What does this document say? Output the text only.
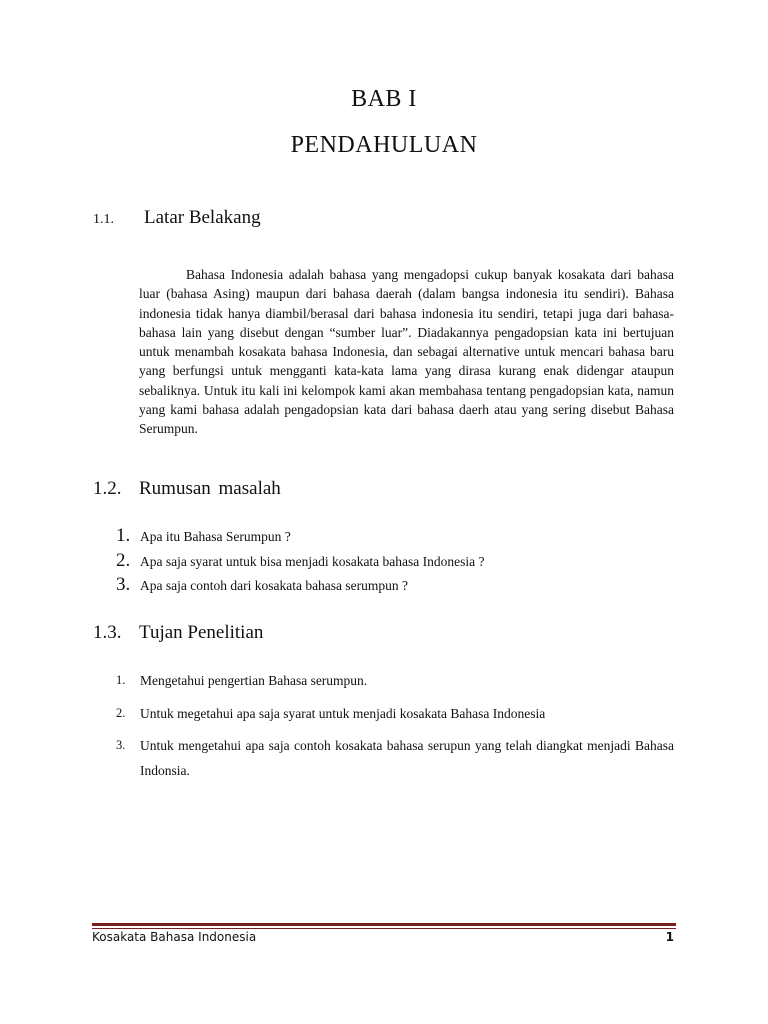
BAB I
PENDAHULUAN
1.1. Latar Belakang

Bahasa Indonesia adalah bahasa yang mengadopsi cukup banyak kosakata dari bahasa luar (bahasa Asing) maupun dari bahasa daerah (dalam bangsa indonesia itu sendiri). Bahasa indonesia tidak hanya diambil/berasal dari bahasa indonesia itu sendiri, tetapi juga dari bahasa-bahasa lain yang disebut dengan “sumber luar”. Diadakannya pengadopsian kata ini bertujuan untuk menambah kosakata bahasa Indonesia, dan sebagai alternative untuk mencari bahasa baru yang berfungsi untuk mengganti kata-kata lama yang dirasa kurang enak didengar ataupun sebaliknya. Untuk itu kali ini kelompok kami akan membahasa tentang pengadopsian kata, namun yang kami bahasa adalah pengadopsian kata dari bahasa daerh atau yang sering disebut Bahasa Serumpun.

1.2. Rumusan masalah
1. Apa itu Bahasa Serumpun ?
2. Apa saja syarat untuk bisa menjadi kosakata bahasa Indonesia ?
3. Apa saja contoh dari kosakata bahasa serumpun ?
1.3. Tujan Penelitian
1.	Mengetahui pengertian Bahasa serumpun.
2.	Untuk megetahui apa saja syarat untuk menjadi kosakata Bahasa Indonesia
3.	Untuk mengetahui apa saja contoh kosakata bahasa serupun yang telah diangkat menjadi Bahasa Indonsia.
Kosakata Bahasa Indonesia	1
